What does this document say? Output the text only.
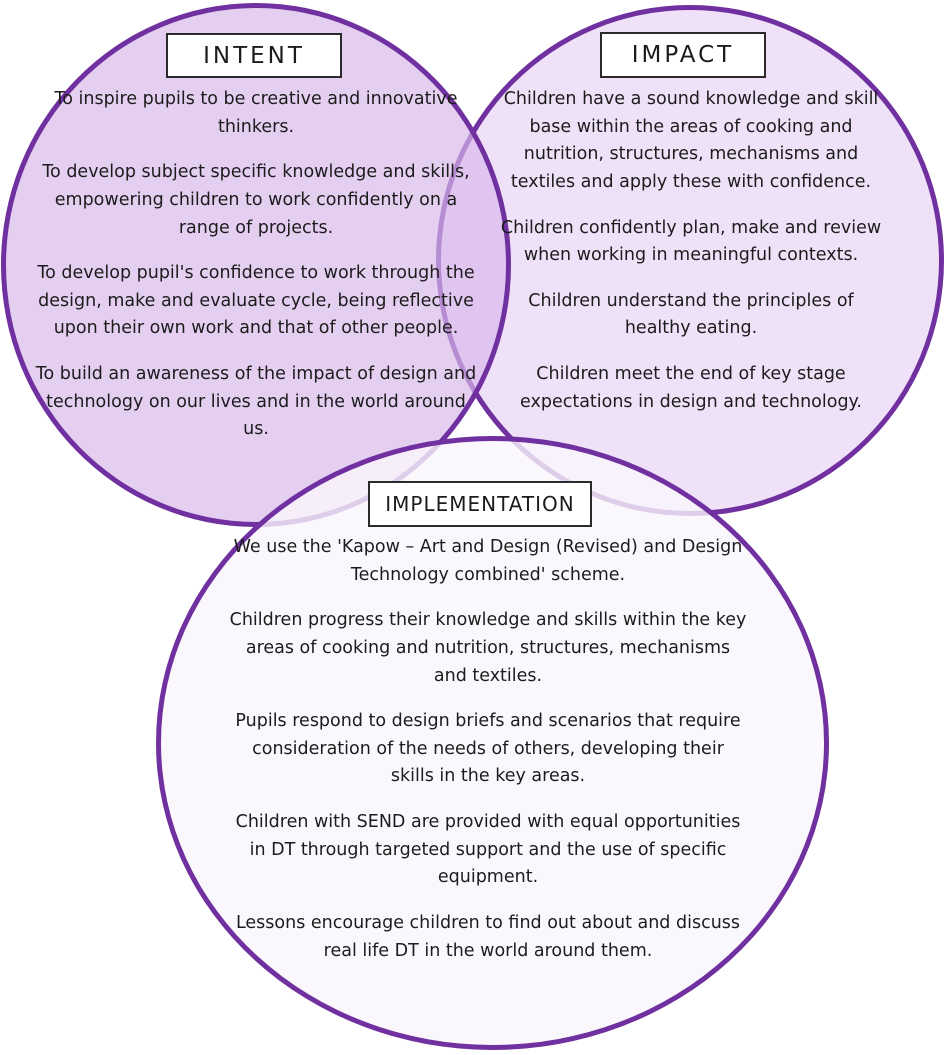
INTENT	IMPACT
IMPLEMENTATION

To inspire pupils to be creative and innovative thinkers.

To develop subject specific knowledge and skills, empowering children to work confidently on a range of projects.

To develop pupil's confidence to work through the design, make and evaluate cycle, being reflective upon their own work and that of other people.

To build an awareness of the impact of design and technology on our lives and in the world around us.

Children have a sound knowledge and skill base within the areas of cooking and nutrition, structures, mechanisms and textiles and apply these with confidence.

Children confidently plan, make and review when working in meaningful contexts.

Children understand the principles of healthy eating.

Children meet the end of key stage expectations in design and technology.

We use the 'Kapow – Art and Design (Revised) and Design Technology combined' scheme.

Children progress their knowledge and skills within the key areas of cooking and nutrition, structures, mechanisms and textiles.

Pupils respond to design briefs and scenarios that require consideration of the needs of others, developing their skills in the key areas.

Children with SEND are provided with equal opportunities in DT through targeted support and the use of specific equipment.

Lessons encourage children to find out about and discuss real life DT in the world around them.
